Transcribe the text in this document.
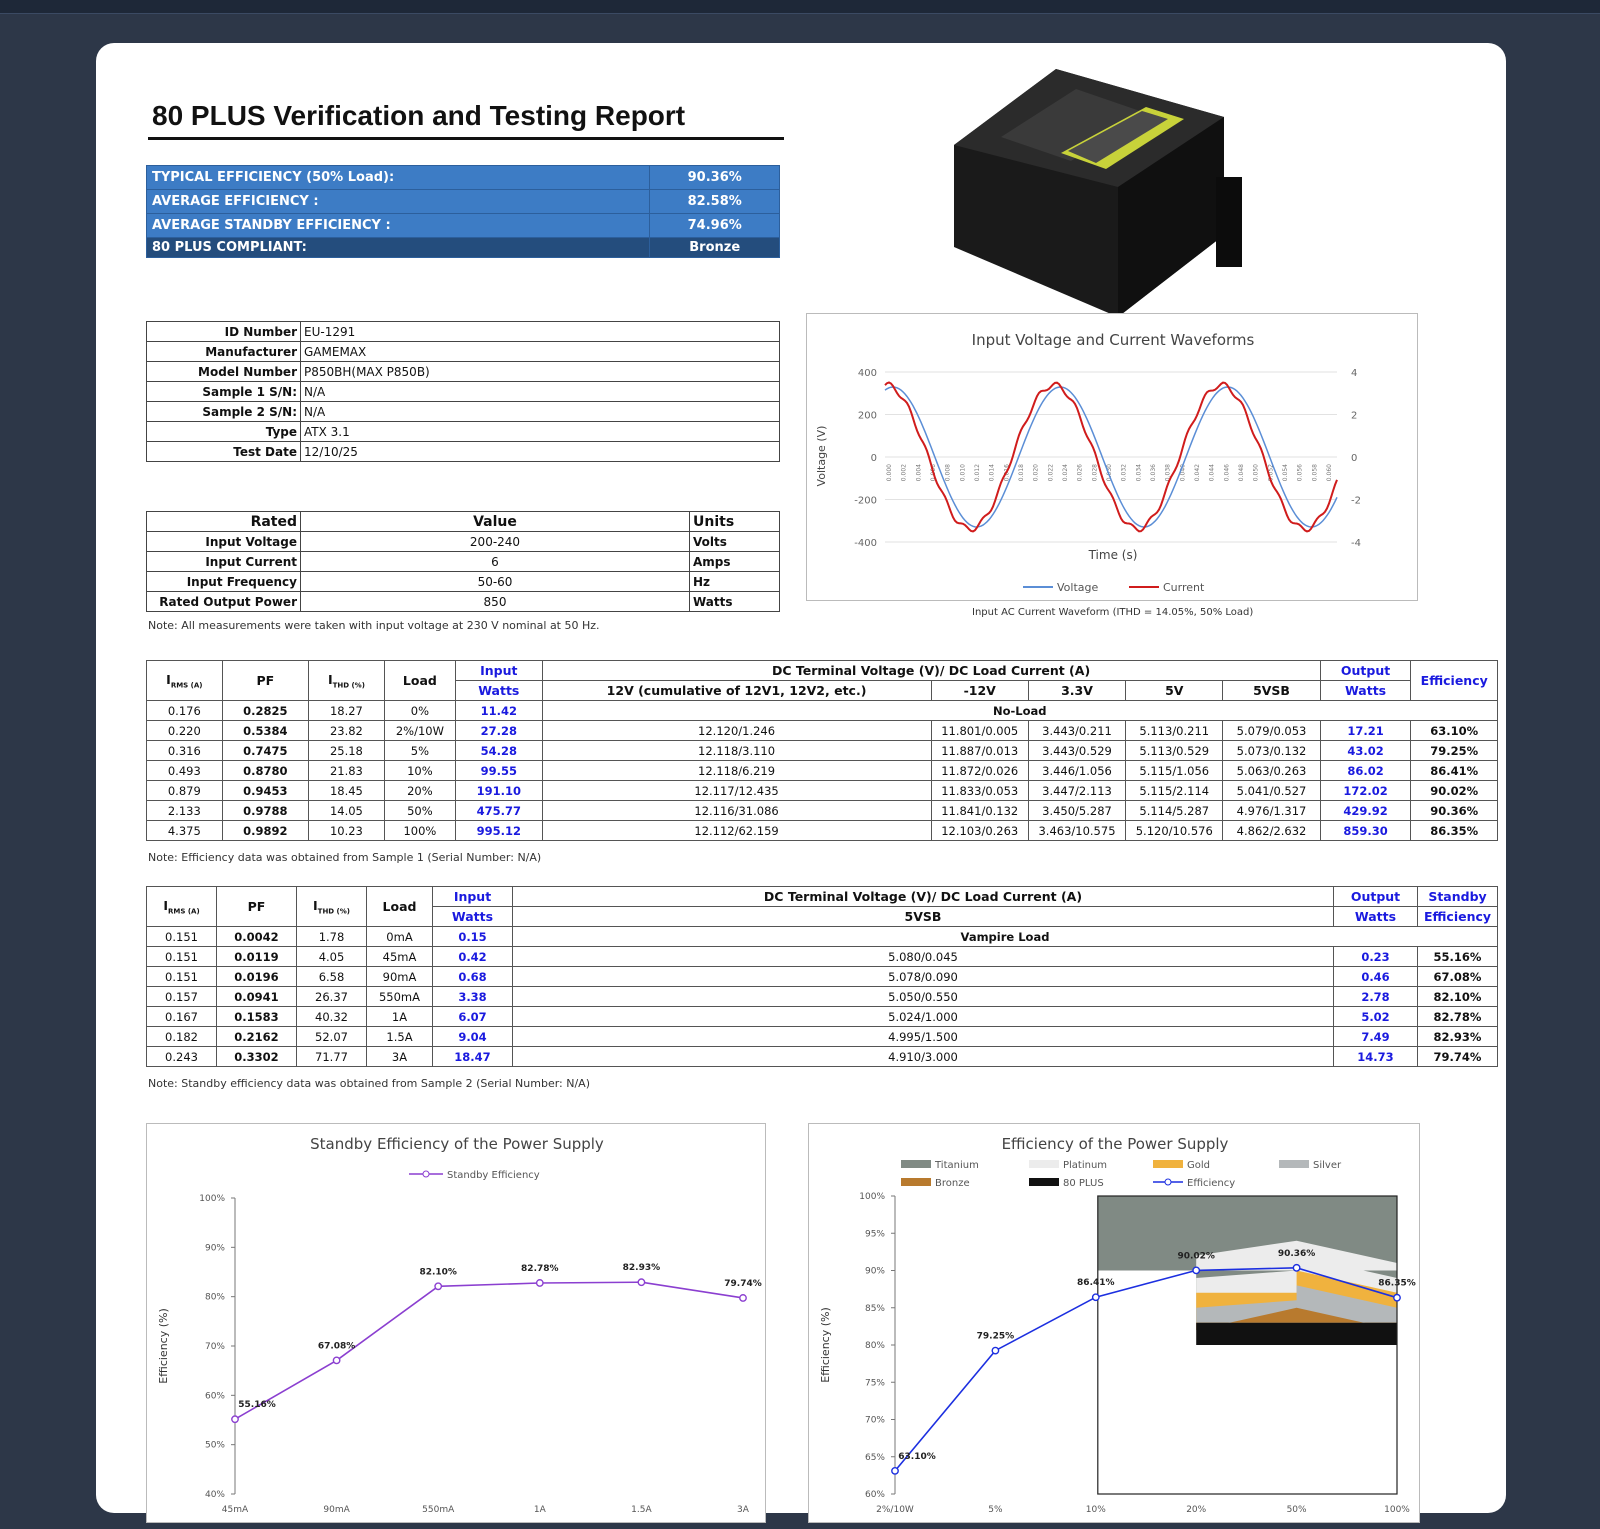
80 PLUS Verification and Testing Report
TYPICAL EFFICIENCY (50% Load):	90.36%
AVERAGE EFFICIENCY :	82.58%
AVERAGE STANDBY EFFICIENCY :	74.96%
80 PLUS COMPLIANT:	Bronze
ID Number	EU-1291
Manufacturer	GAMEMAX
Model Number	P850BH(MAX P850B)
Sample 1 S/N:	N/A
Sample 2 S/N:	N/A
Type	ATX 3.1
Test Date	12/10/25
Rated	Value	Units
Input Voltage	200-240	Volts
Input Current	6	Amps
Input Frequency	50-60	Hz
Rated Output Power	850	Watts
Note: All measurements were taken with input voltage at 230 V nominal at 50 Hz.
Input Voltage and Current Waveforms
400
200
0
-200
-400
4
2
0
-2
-4
0.000 0.002 0.004 0.006 0.008 0.010 0.012 0.014 0.016 0.018 0.020 0.022 0.024 0.026 0.028 0.030 0.032 0.034 0.036 0.038 0.040 0.042 0.044 0.046 0.048 0.050 0.052 0.054 0.056 0.058 0.060
Voltage (V)
Time (s)
Voltage	Current
Input AC Current Waveform (ITHD = 14.05%, 50% Load)
$I_{RMS (A)}$	PF	$I_{THD (\%)}$	Load	Input	DC Terminal Voltage (V)/ DC Load Current (A)					Output	Efficiency
				Watts	12V (cumulative of 12V1, 12V2, etc.)	-12V	3.3V	5V	5VSB	Watts	
0.176	0.2825	18.27	0%	11.42	No-Load						
0.220	0.5384	23.82	2%/10W	27.28	12.120/1.246	11.801/0.005	3.443/0.211	5.113/0.211	5.079/0.053	17.21	63.10%
0.316	0.7475	25.18	5%	54.28	12.118/3.110	11.887/0.013	3.443/0.529	5.113/0.529	5.073/0.132	43.02	79.25%
0.493	0.8780	21.83	10%	99.55	12.118/6.219	11.872/0.026	3.446/1.056	5.115/1.056	5.063/0.263	86.02	86.41%
0.879	0.9453	18.45	20%	191.10	12.117/12.435	11.833/0.053	3.447/2.113	5.115/2.114	5.041/0.527	172.02	90.02%
2.133	0.9788	14.05	50%	475.77	12.116/31.086	11.841/0.132	3.450/5.287	5.114/5.287	4.976/1.317	429.92	90.36%
4.375	0.9892	10.23	100%	995.12	12.112/62.159	12.103/0.263	3.463/10.575	5.120/10.576	4.862/2.632	859.30	86.35%
Note: Efficiency data was obtained from Sample 1 (Serial Number: N/A)
$I_{RMS (A)}$	PF	$I_{THD (\%)}$	Load	Input	DC Terminal Voltage (V)/ DC Load Current (A)	Output	Standby
				Watts	5VSB	Watts	Efficiency
0.151	0.0042	1.78	0mA	0.15	Vampire Load		
0.151	0.0119	4.05	45mA	0.42	5.080/0.045	0.23	55.16%
0.151	0.0196	6.58	90mA	0.68	5.078/0.090	0.46	67.08%
0.157	0.0941	26.37	550mA	3.38	5.050/0.550	2.78	82.10%
0.167	0.1583	40.32	1A	6.07	5.024/1.000	5.02	82.78%
0.182	0.2162	52.07	1.5A	9.04	4.995/1.500	7.49	82.93%
0.243	0.3302	71.77	3A	18.47	4.910/3.000	14.73	79.74%
Note: Standby efficiency data was obtained from Sample 2 (Serial Number: N/A)
Standby Efficiency of the Power Supply
Efficiency (%)
100%
90%
80%
70%
60%
50%
40%
45mA	90mA	550mA	1A	1.5A	3A
55.16%
67.08%
82.10%	82.78%	82.93%
79.74%
Standby Efficiency
Efficiency of the Power Supply
Efficiency (%)
100%
95%
90%
85%
80%
75%
70%
65%
60%
2%/10W	5%	10%	20%	50%	100%
63.10%
79.25%
86.41%
90.02%	90.36%
86.35%
Titanium	Platinum	Gold	Silver
Bronze	80 PLUS	Efficiency
